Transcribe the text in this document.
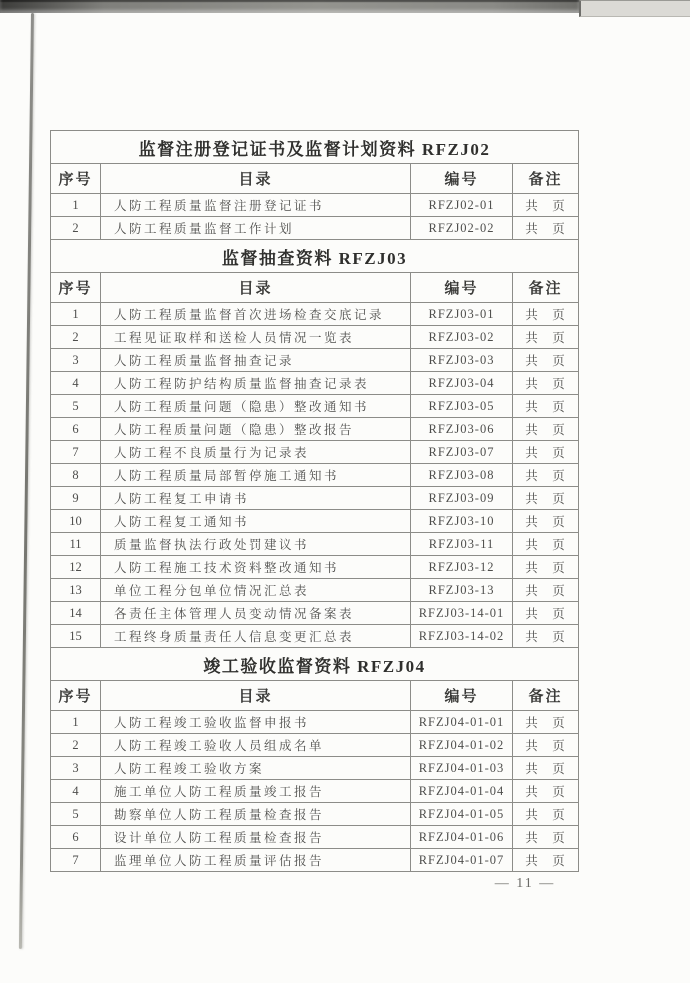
监督注册登记证书及监督计划资料 RFZJ02			
序号	目录	编号	备注
1	人防工程质量监督注册登记证书	RFZJ02-01	共　页
2	人防工程质量监督工作计划	RFZJ02-02	共　页
监督抽查资料 RFZJ03			
序号	目录	编号	备注
1	人防工程质量监督首次进场检查交底记录	RFZJ03-01	共　页
2	工程见证取样和送检人员情况一览表	RFZJ03-02	共　页
3	人防工程质量监督抽查记录	RFZJ03-03	共　页
4	人防工程防护结构质量监督抽查记录表	RFZJ03-04	共　页
5	人防工程质量问题（隐患）整改通知书	RFZJ03-05	共　页
6	人防工程质量问题（隐患）整改报告	RFZJ03-06	共　页
7	人防工程不良质量行为记录表	RFZJ03-07	共　页
8	人防工程质量局部暂停施工通知书	RFZJ03-08	共　页
9	人防工程复工申请书	RFZJ03-09	共　页
10	人防工程复工通知书	RFZJ03-10	共　页
11	质量监督执法行政处罚建议书	RFZJ03-11	共　页
12	人防工程施工技术资料整改通知书	RFZJ03-12	共　页
13	单位工程分包单位情况汇总表	RFZJ03-13	共　页
14	各责任主体管理人员变动情况备案表	RFZJ03-14-01	共　页
15	工程终身质量责任人信息变更汇总表	RFZJ03-14-02	共　页
竣工验收监督资料 RFZJ04			
序号	目录	编号	备注
1	人防工程竣工验收监督申报书	RFZJ04-01-01	共　页
2	人防工程竣工验收人员组成名单	RFZJ04-01-02	共　页
3	人防工程竣工验收方案	RFZJ04-01-03	共　页
4	施工单位人防工程质量竣工报告	RFZJ04-01-04	共　页
5	勘察单位人防工程质量检查报告	RFZJ04-01-05	共　页
6	设计单位人防工程质量检查报告	RFZJ04-01-06	共　页
7	监理单位人防工程质量评估报告	RFZJ04-01-07	共　页
— 11 —
